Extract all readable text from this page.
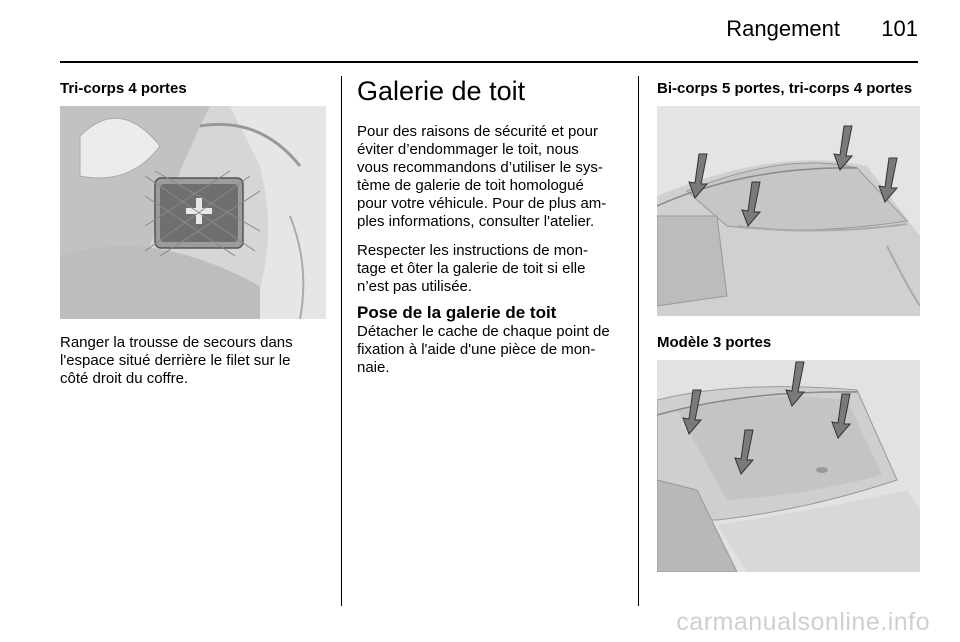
Rangement 101
Tri-corps 4 portes
Ranger la trousse de secours dans
l'espace situé derrière le filet sur le
côté droit du coffre.
Galerie de toit
Pour des raisons de sécurité et pour
éviter d’endommager le toit, nous
vous recommandons d’utiliser le sys-
tème de galerie de toit homologué
pour votre véhicule. Pour de plus am-
ples informations, consulter l'atelier.
Respecter les instructions de mon-
tage et ôter la galerie de toit si elle
n’est pas utilisée.
Pose de la galerie de toit
Détacher le cache de chaque point de
fixation à l'aide d'une pièce de mon-
naie.
Bi-corps 5 portes, tri-corps 4 portes
Modèle 3 portes
carmanualsonline.info
